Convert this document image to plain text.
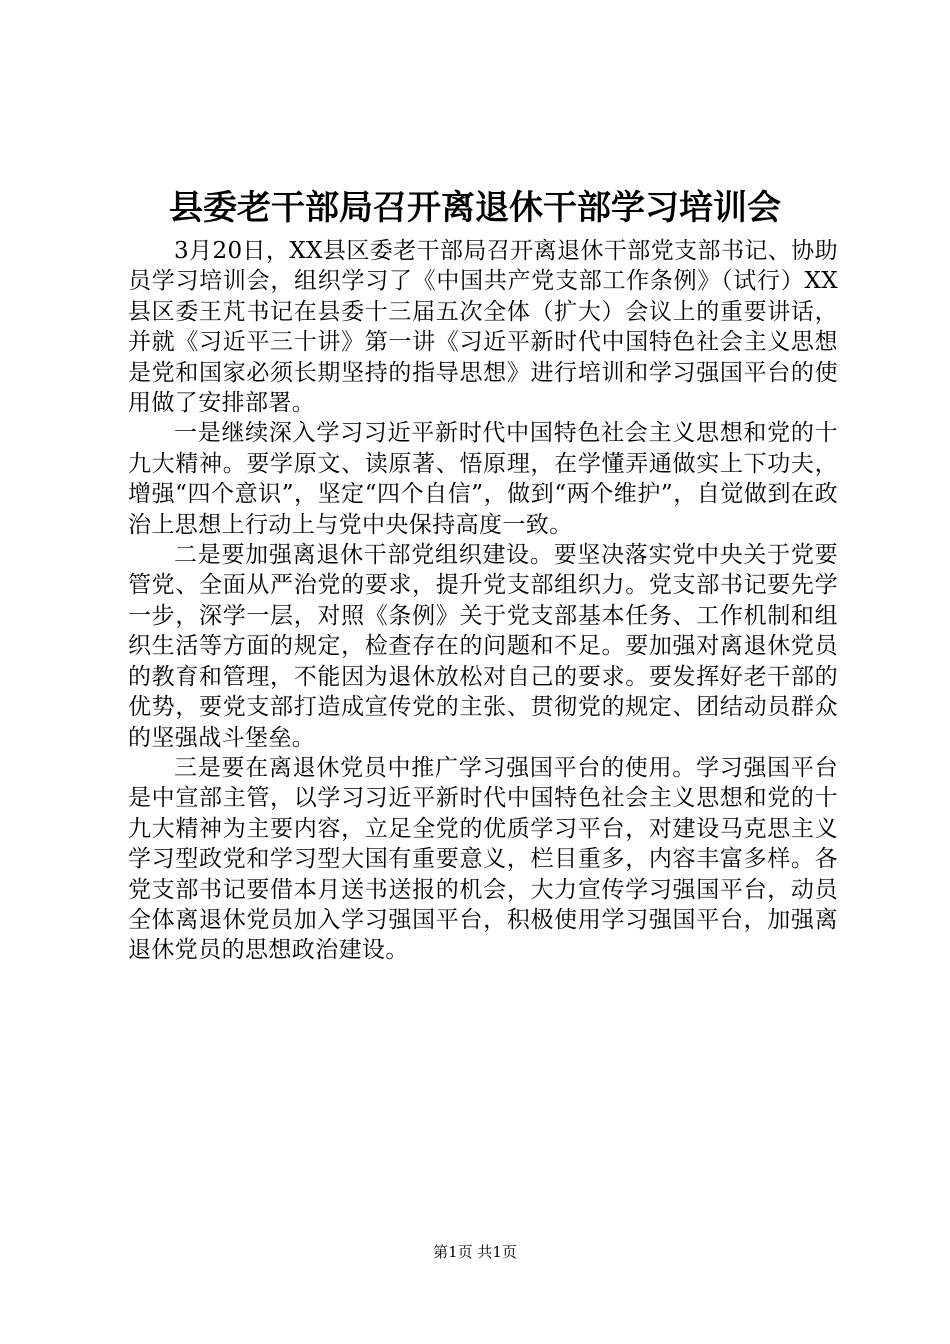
县委老干部局召开离退休干部学习培训会

3月20日，XX县区委老干部局召开离退休干部党支部书记、协助员学习培训会，组织学习了《中国共产党支部工作条例》（试行）XX县区委王芃书记在县委十三届五次全体（扩大）会议上的重要讲话，并就《习近平三十讲》第一讲《习近平新时代中国特色社会主义思想是党和国家必须长期坚持的指导思想》进行培训和学习强国平台的使用做了安排部署。

一是继续深入学习习近平新时代中国特色社会主义思想和党的十九大精神。要学原文、读原著、悟原理，在学懂弄通做实上下功夫，增强“四个意识”，坚定“四个自信”，做到“两个维护”，自觉做到在政治上思想上行动上与党中央保持高度一致。

二是要加强离退休干部党组织建设。要坚决落实党中央关于党要管党、全面从严治党的要求，提升党支部组织力。党支部书记要先学一步，深学一层，对照《条例》关于党支部基本任务、工作机制和组织生活等方面的规定，检查存在的问题和不足。要加强对离退休党员的教育和管理，不能因为退休放松对自己的要求。要发挥好老干部的优势，要党支部打造成宣传党的主张、贯彻党的规定、团结动员群众的坚强战斗堡垒。

三是要在离退休党员中推广学习强国平台的使用。学习强国平台是中宣部主管，以学习习近平新时代中国特色社会主义思想和党的十九大精神为主要内容，立足全党的优质学习平台，对建设马克思主义学习型政党和学习型大国有重要意义，栏目重多，内容丰富多样。各党支部书记要借本月送书送报的机会，大力宣传学习强国平台，动员全体离退休党员加入学习强国平台，积极使用学习强国平台，加强离退休党员的思想政治建设。

第1页 共1页
